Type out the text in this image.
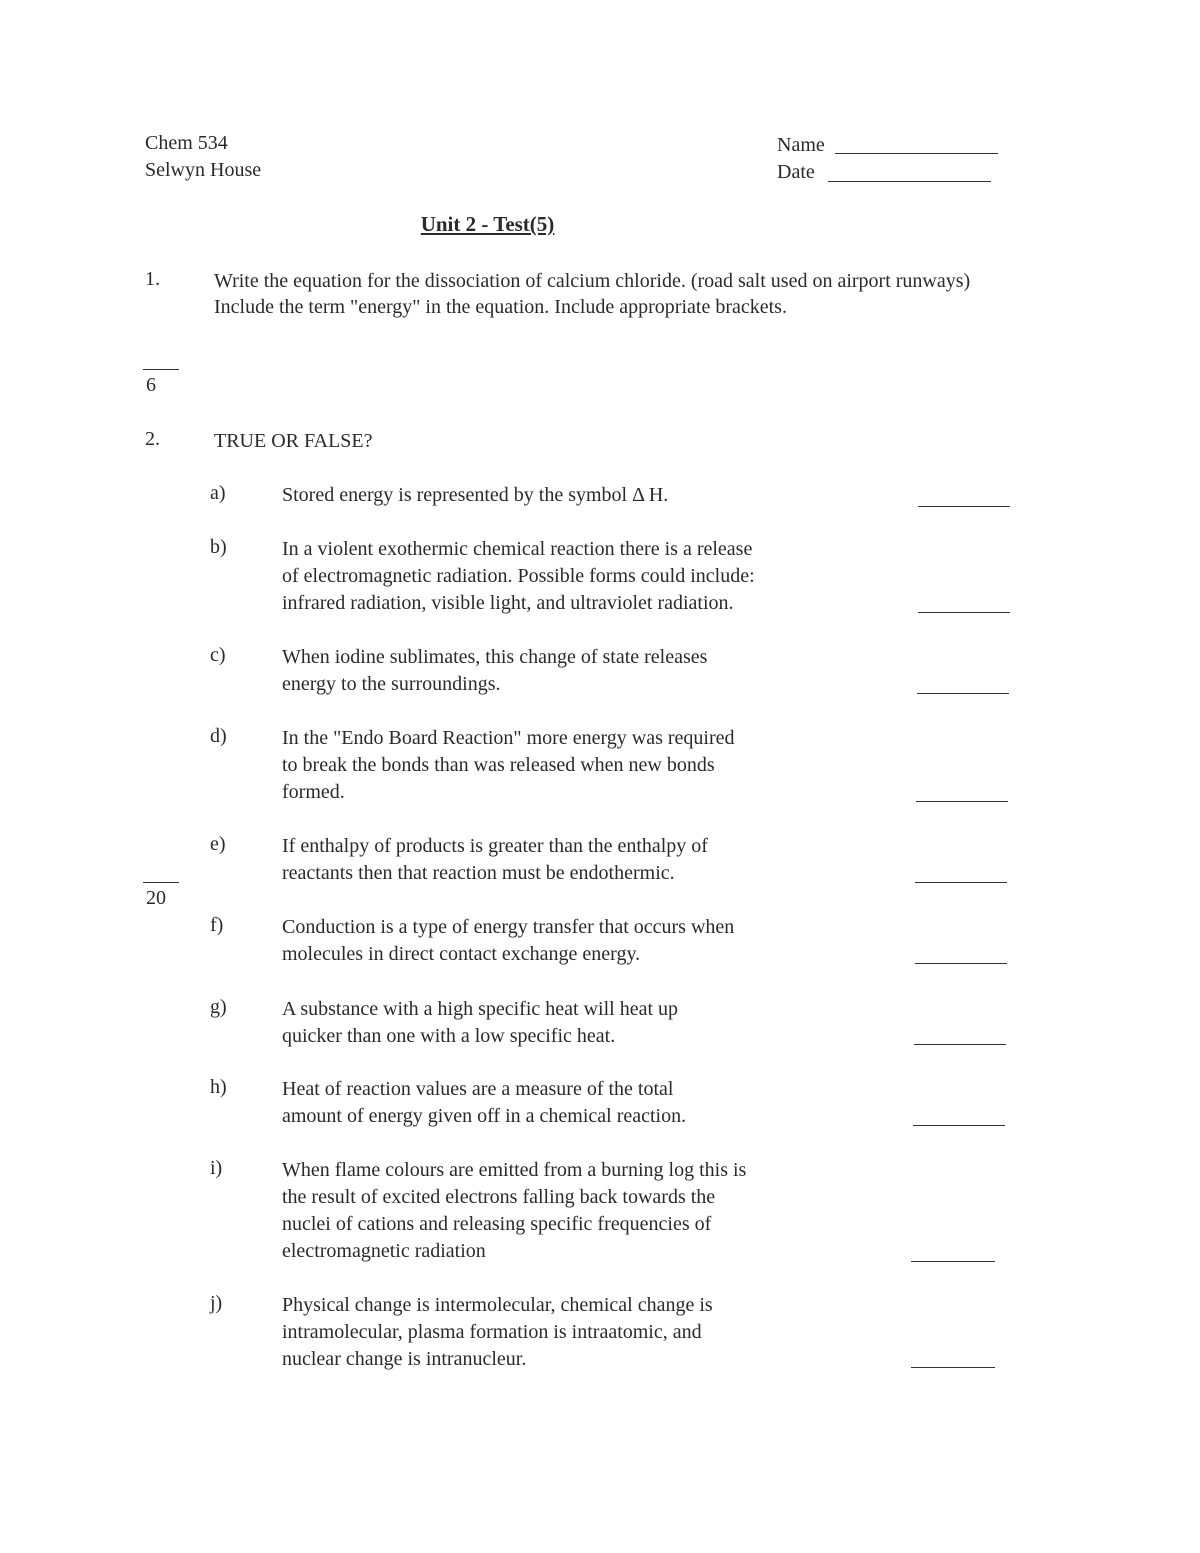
Chem 534
Selwyn House
Name
Date
Unit 2 - Test(5)
1.	Write the equation for the dissociation of calcium chloride. (road salt used on airport runways)
Include the term "energy" in the equation. Include appropriate brackets.
6
2.	TRUE OR FALSE?
20
a)	Stored energy is represented by the symbol Δ H.
b)	In a violent exothermic chemical reaction there is a release
of electromagnetic radiation. Possible forms could include:
infrared radiation, visible light, and ultraviolet radiation.
c)	When iodine sublimates, this change of state releases
energy to the surroundings.
d)	In the "Endo Board Reaction" more energy was required
to break the bonds than was released when new bonds
formed.
e)	If enthalpy of products is greater than the enthalpy of
reactants then that reaction must be endothermic.
f)	Conduction is a type of energy transfer that occurs when
molecules in direct contact exchange energy.
g)	A substance with a high specific heat will heat up
quicker than one with a low specific heat.
h)	Heat of reaction values are a measure of the total
amount of energy given off in a chemical reaction.
i)	When flame colours are emitted from a burning log this is
the result of excited electrons falling back towards the
nuclei of cations and releasing specific frequencies of
electromagnetic radiation
j)	Physical change is intermolecular, chemical change is
intramolecular, plasma formation is intraatomic, and
nuclear change is intranucleur.
